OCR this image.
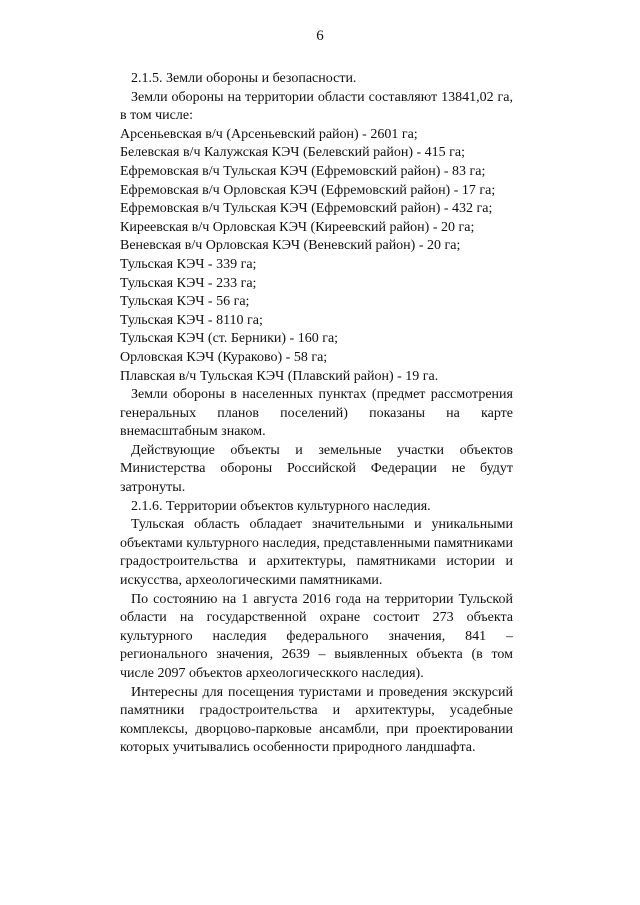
6

2.1.5. Земли обороны и безопасности.

Земли обороны на территории области составляют 13841,02 га, в том числе:

Арсеньевская в/ч (Арсеньевский район) - 2601 га;

Белевская в/ч Калужская КЭЧ (Белевский район) - 415 га;

Ефремовская в/ч Тульская КЭЧ (Ефремовский район) - 83 га;

Ефремовская в/ч Орловская КЭЧ (Ефремовский район) - 17 га;

Ефремовская в/ч Тульская КЭЧ (Ефремовский район) - 432 га;

Киреевская в/ч Орловская КЭЧ (Киреевский район) - 20 га;

Веневская в/ч Орловская КЭЧ (Веневский район) - 20 га;

Тульская КЭЧ - 339 га;

Тульская КЭЧ - 233 га;

Тульская КЭЧ - 56 га;

Тульская КЭЧ - 8110 га;

Тульская КЭЧ (ст. Берники) - 160 га;

Орловская КЭЧ (Кураково) - 58 га;

Плавская в/ч Тульская КЭЧ (Плавский район) - 19 га.

Земли обороны в населенных пунктах (предмет рассмотрения генеральных планов поселений) показаны на карте внемасштабным знаком.

Действующие объекты и земельные участки объектов Министерства обороны Российской Федерации не будут затронуты.

2.1.6. Территории объектов культурного наследия.

Тульская область обладает значительными и уникальными объектами культурного наследия, представленными памятниками градостроительства и архитектуры, памятниками истории и искусства, археологическими памятниками.

По состоянию на 1 августа 2016 года на территории Тульской области на государственной охране состоит 273 объекта культурного наследия федерального значения, 841 – регионального значения, 2639 – выявленных объекта (в том числе 2097 объектов археологическкого наследия).

Интересны для посещения туристами и проведения экскурсий памятники градостроительства и архитектуры, усадебные комплексы, дворцово-парковые ансамбли, при проектировании которых учитывались особенности природного ландшафта.
